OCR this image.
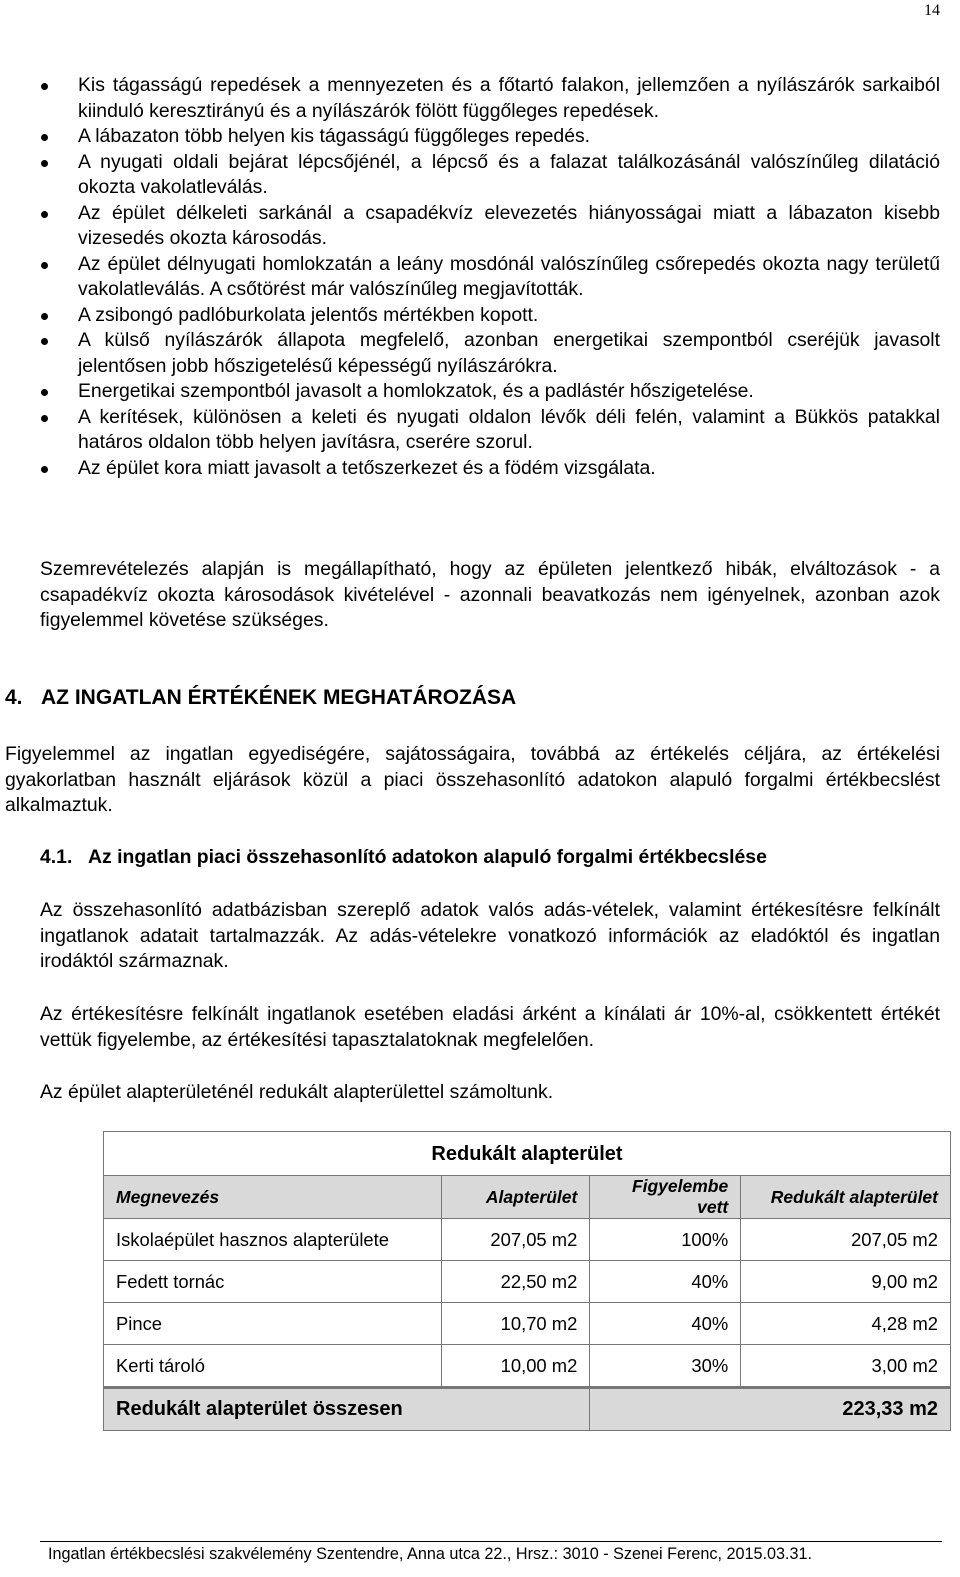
14
Kis tágasságú repedések a mennyezeten és a főtartó falakon, jellemzően a nyílászárók sarkaiból kiinduló keresztirányú és a nyílászárók fölött függőleges repedések.
A lábazaton több helyen kis tágasságú függőleges repedés.
A nyugati oldali bejárat lépcsőjénél, a lépcső és a falazat találkozásánál valószínűleg dilatáció okozta vakolatleválás.
Az épület délkeleti sarkánál a csapadékvíz elevezetés hiányosságai miatt a lábazaton kisebb vizesedés okozta károsodás.
Az épület délnyugati homlokzatán a leány mosdónál valószínűleg csőrepedés okozta nagy területű vakolatleválás. A csőtörést már valószínűleg megjavították.
A zsibongó padlóburkolata jelentős mértékben kopott.
A külső nyílászárók állapota megfelelő, azonban energetikai szempontból cseréjük javasolt jelentősen jobb hőszigetelésű képességű nyílászárókra.
Energetikai szempontból javasolt a homlokzatok, és a padlástér hőszigetelése.
A kerítések, különösen a keleti és nyugati oldalon lévők déli felén, valamint a Bükkös patakkal határos oldalon több helyen javításra, cserére szorul.
Az épület kora miatt javasolt a tetőszerkezet és a födém vizsgálata.

Szemrevételezés alapján is megállapítható, hogy az épületen jelentkező hibák, elváltozások - a csapadékvíz okozta károsodások kivételével - azonnali beavatkozás nem igényelnek, azonban azok figyelemmel követése szükséges.

4. AZ INGATLAN ÉRTÉKÉNEK MEGHATÁROZÁSA

Figyelemmel az ingatlan egyediségére, sajátosságaira, továbbá az értékelés céljára, az értékelési gyakorlatban használt eljárások közül a piaci összehasonlító adatokon alapuló forgalmi értékbecslést alkalmaztuk.

4.1. Az ingatlan piaci összehasonlító adatokon alapuló forgalmi értékbecslése

Az összehasonlító adatbázisban szereplő adatok valós adás-vételek, valamint értékesítésre felkínált ingatlanok adatait tartalmazzák. Az adás-vételekre vonatkozó információk az eladóktól és ingatlan irodáktól származnak.

Az értékesítésre felkínált ingatlanok esetében eladási árként a kínálati ár 10%-al, csökkentett értékét vettük figyelembe, az értékesítési tapasztalatoknak megfelelően.

Az épület alapterületénél redukált alapterülettel számoltunk.

Redukált alapterület			
Megnevezés	Alapterület	Figyelembe vett	Redukált alapterület
Iskolaépület hasznos alapterülete	207,05 m2	100%	207,05 m2
Fedett tornác	22,50 m2	40%	9,00 m2
Pince	10,70 m2	40%	4,28 m2
Kerti tároló	10,00 m2	30%	3,00 m2
Redukált alapterület összesen		223,33 m2	
Ingatlan értékbecslési szakvélemény Szentendre, Anna utca 22., Hrsz.: 3010 - Szenei Ferenc, 2015.03.31.
